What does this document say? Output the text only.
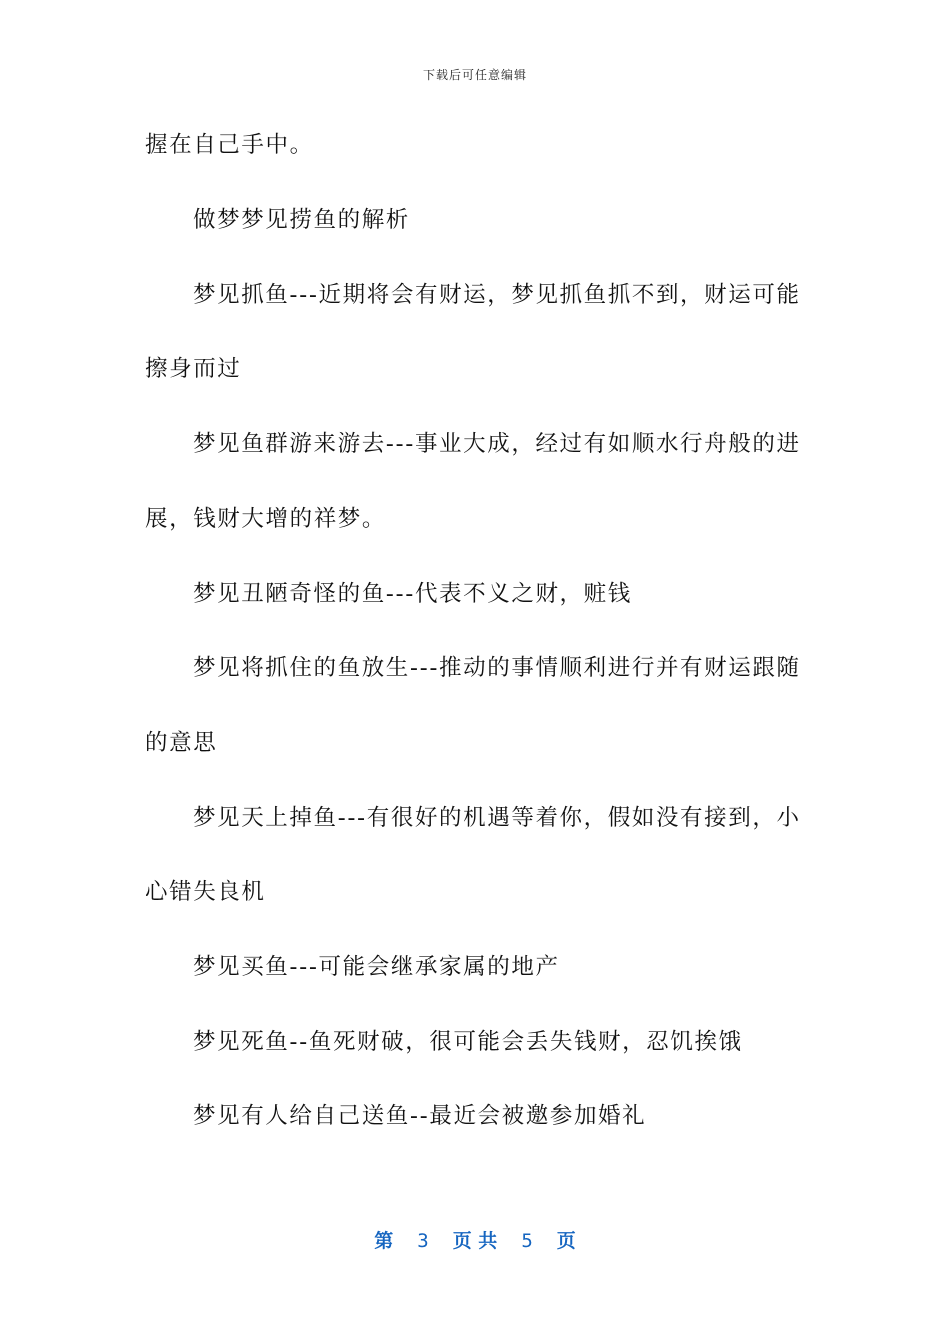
下载后可任意编辑
握在自己手中。
做梦梦见捞鱼的解析
梦见抓鱼---近期将会有财运，梦见抓鱼抓不到，财运可能
擦身而过
梦见鱼群游来游去---事业大成，经过有如顺水行舟般的进
展，钱财大增的祥梦。
梦见丑陋奇怪的鱼---代表不义之财，赃钱
梦见将抓住的鱼放生---推动的事情顺利进行并有财运跟随
的意思
梦见天上掉鱼---有很好的机遇等着你，假如没有接到，小
心错失良机
梦见买鱼---可能会继承家属的地产
梦见死鱼--鱼死财破，很可能会丢失钱财，忍饥挨饿
梦见有人给自己送鱼--最近会被邀参加婚礼
第 3 页 共 5 页
